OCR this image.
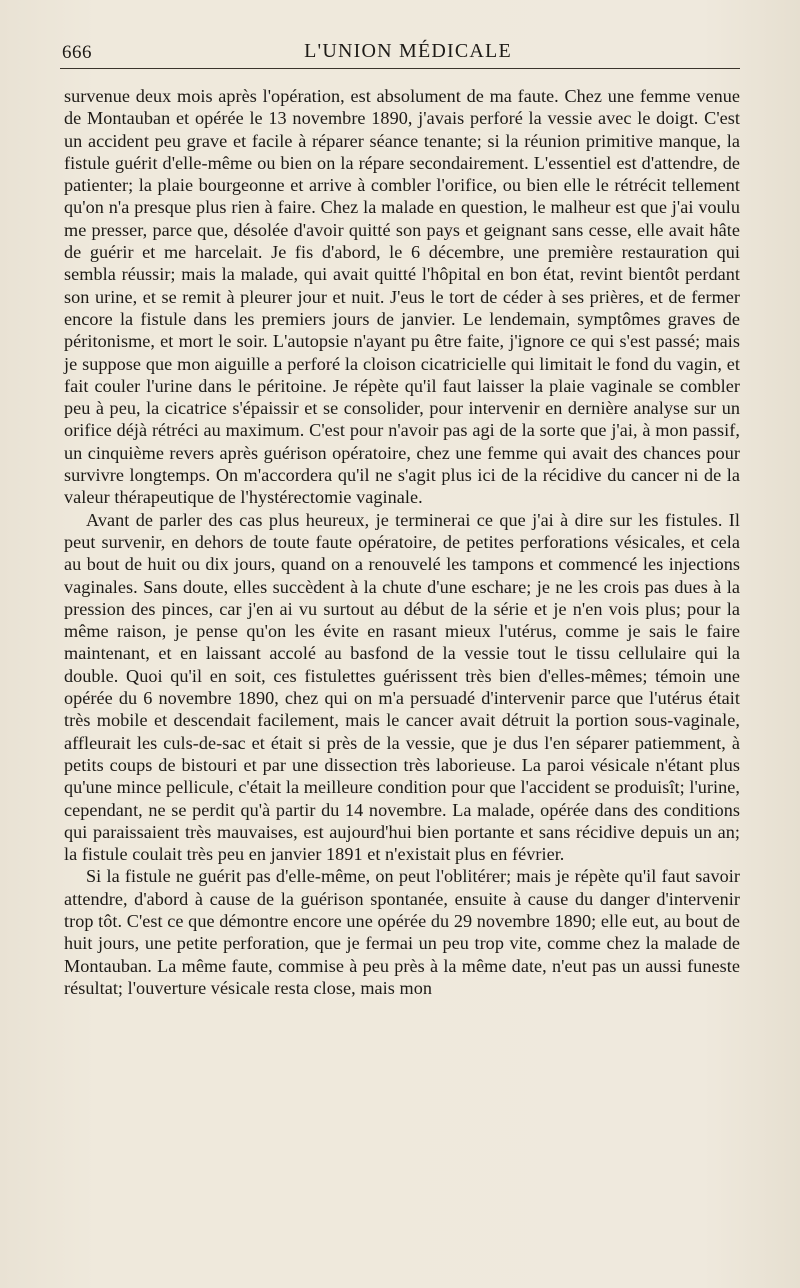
666	L'UNION MÉDICALE

survenue deux mois après l'opération, est absolument de ma faute. Chez une femme venue de Montauban et opérée le 13 novembre 1890, j'avais perforé la vessie avec le doigt. C'est un accident peu grave et facile à réparer séance tenante; si la réunion primitive manque, la fistule guérit d'elle-même ou bien on la répare secondairement. L'essentiel est d'attendre, de patienter; la plaie bourgeonne et arrive à combler l'orifice, ou bien elle le rétrécit tellement qu'on n'a presque plus rien à faire. Chez la malade en question, le malheur est que j'ai voulu me presser, parce que, désolée d'avoir quitté son pays et geignant sans cesse, elle avait hâte de guérir et me harcelait. Je fis d'abord, le 6 décembre, une première restauration qui sembla réussir; mais la malade, qui avait quitté l'hôpital en bon état, revint bientôt perdant son urine, et se remit à pleurer jour et nuit. J'eus le tort de céder à ses prières, et de fermer encore la fistule dans les premiers jours de janvier. Le lendemain, symptômes graves de péritonisme, et mort le soir. L'autopsie n'ayant pu être faite, j'ignore ce qui s'est passé; mais je suppose que mon aiguille a perforé la cloison cicatricielle qui limitait le fond du vagin, et fait couler l'urine dans le péritoine. Je répète qu'il faut laisser la plaie vaginale se combler peu à peu, la cicatrice s'épaissir et se consolider, pour intervenir en dernière analyse sur un orifice déjà rétréci au maximum. C'est pour n'avoir pas agi de la sorte que j'ai, à mon passif, un cinquième revers après guérison opératoire, chez une femme qui avait des chances pour survivre longtemps. On m'accordera qu'il ne s'agit plus ici de la récidive du cancer ni de la valeur thérapeutique de l'hystérectomie vaginale.

Avant de parler des cas plus heureux, je terminerai ce que j'ai à dire sur les fistules. Il peut survenir, en dehors de toute faute opératoire, de petites perforations vésicales, et cela au bout de huit ou dix jours, quand on a renouvelé les tampons et commencé les injections vaginales. Sans doute, elles succèdent à la chute d'une eschare; je ne les crois pas dues à la pression des pinces, car j'en ai vu surtout au début de la série et je n'en vois plus; pour la même raison, je pense qu'on les évite en rasant mieux l'utérus, comme je sais le faire maintenant, et en laissant accolé au basfond de la vessie tout le tissu cellulaire qui la double. Quoi qu'il en soit, ces fistulettes guérissent très bien d'elles-mêmes; témoin une opérée du 6 novembre 1890, chez qui on m'a persuadé d'intervenir parce que l'utérus était très mobile et descendait facilement, mais le cancer avait détruit la portion sous-vaginale, affleurait les culs-de-sac et était si près de la vessie, que je dus l'en séparer patiemment, à petits coups de bistouri et par une dissection très laborieuse. La paroi vésicale n'étant plus qu'une mince pellicule, c'était la meilleure condition pour que l'accident se produisît; l'urine, cependant, ne se perdit qu'à partir du 14 novembre. La malade, opérée dans des conditions qui paraissaient très mauvaises, est aujourd'hui bien portante et sans récidive depuis un an; la fistule coulait très peu en janvier 1891 et n'existait plus en février.

Si la fistule ne guérit pas d'elle-même, on peut l'oblitérer; mais je répète qu'il faut savoir attendre, d'abord à cause de la guérison spontanée, ensuite à cause du danger d'intervenir trop tôt. C'est ce que démontre encore une opérée du 29 novembre 1890; elle eut, au bout de huit jours, une petite perforation, que je fermai un peu trop vite, comme chez la malade de Montauban. La même faute, commise à peu près à la même date, n'eut pas un aussi funeste résultat; l'ouverture vésicale resta close, mais mon
